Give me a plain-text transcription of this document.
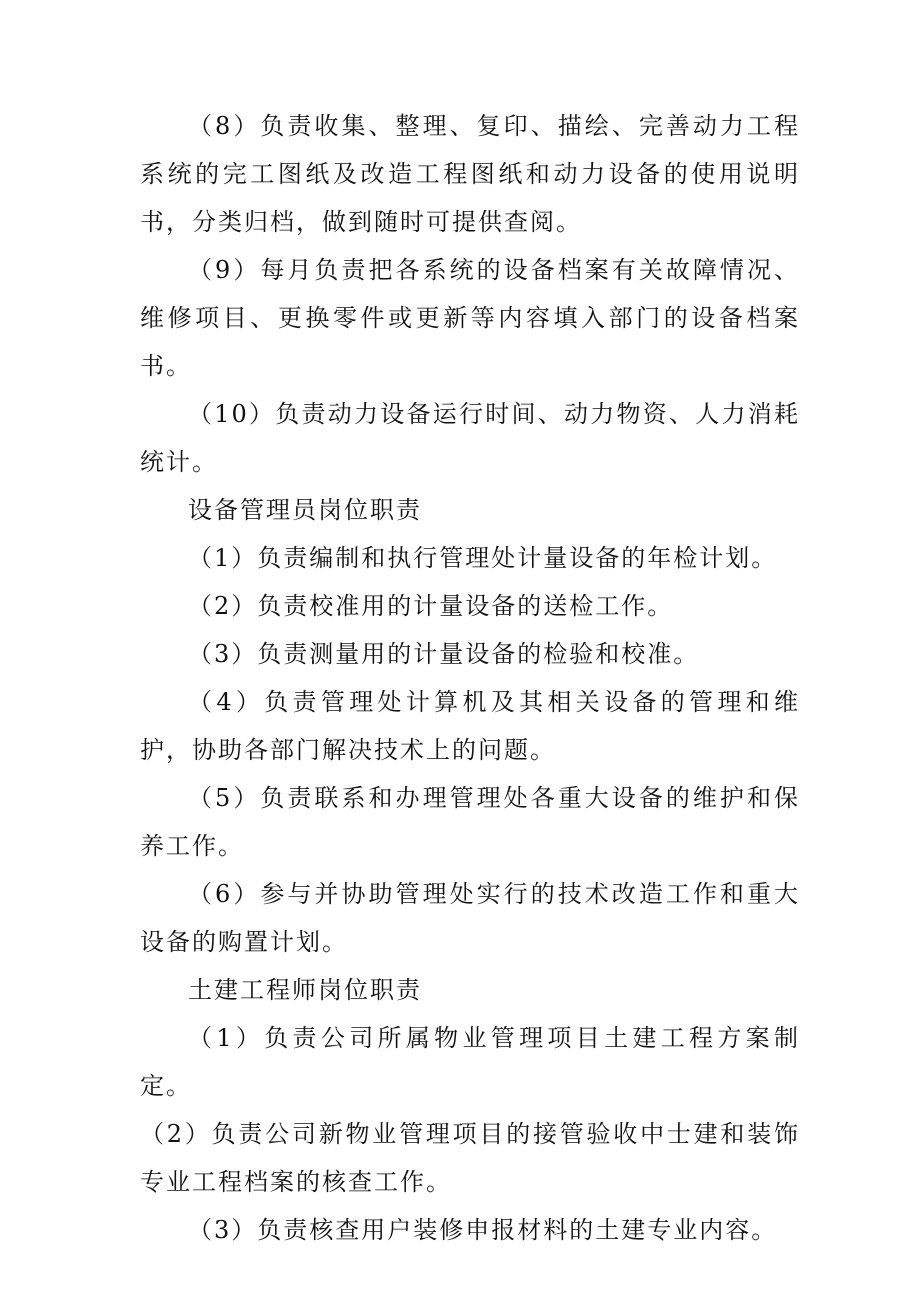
（8）负责收集、整理、复印、描绘、完善动力工程系统的完工图纸及改造工程图纸和动力设备的使用说明书，分类归档，做到随时可提供查阅。

（9）每月负责把各系统的设备档案有关故障情况、维修项目、更换零件或更新等内容填入部门的设备档案书。

（10）负责动力设备运行时间、动力物资、人力消耗统计。

设备管理员岗位职责

（1）负责编制和执行管理处计量设备的年检计划。

（2）负责校准用的计量设备的送检工作。

（3）负责测量用的计量设备的检验和校准。

（4）负责管理处计算机及其相关设备的管理和维护，协助各部门解决技术上的问题。

（5）负责联系和办理管理处各重大设备的维护和保养工作。

（6）参与并协助管理处实行的技术改造工作和重大设备的购置计划。

土建工程师岗位职责

（1）负责公司所属物业管理项目土建工程方案制定。

（2）负责公司新物业管理项目的接管验收中士建和装饰专业工程档案的核查工作。

（3）负责核查用户装修申报材料的土建专业内容。
